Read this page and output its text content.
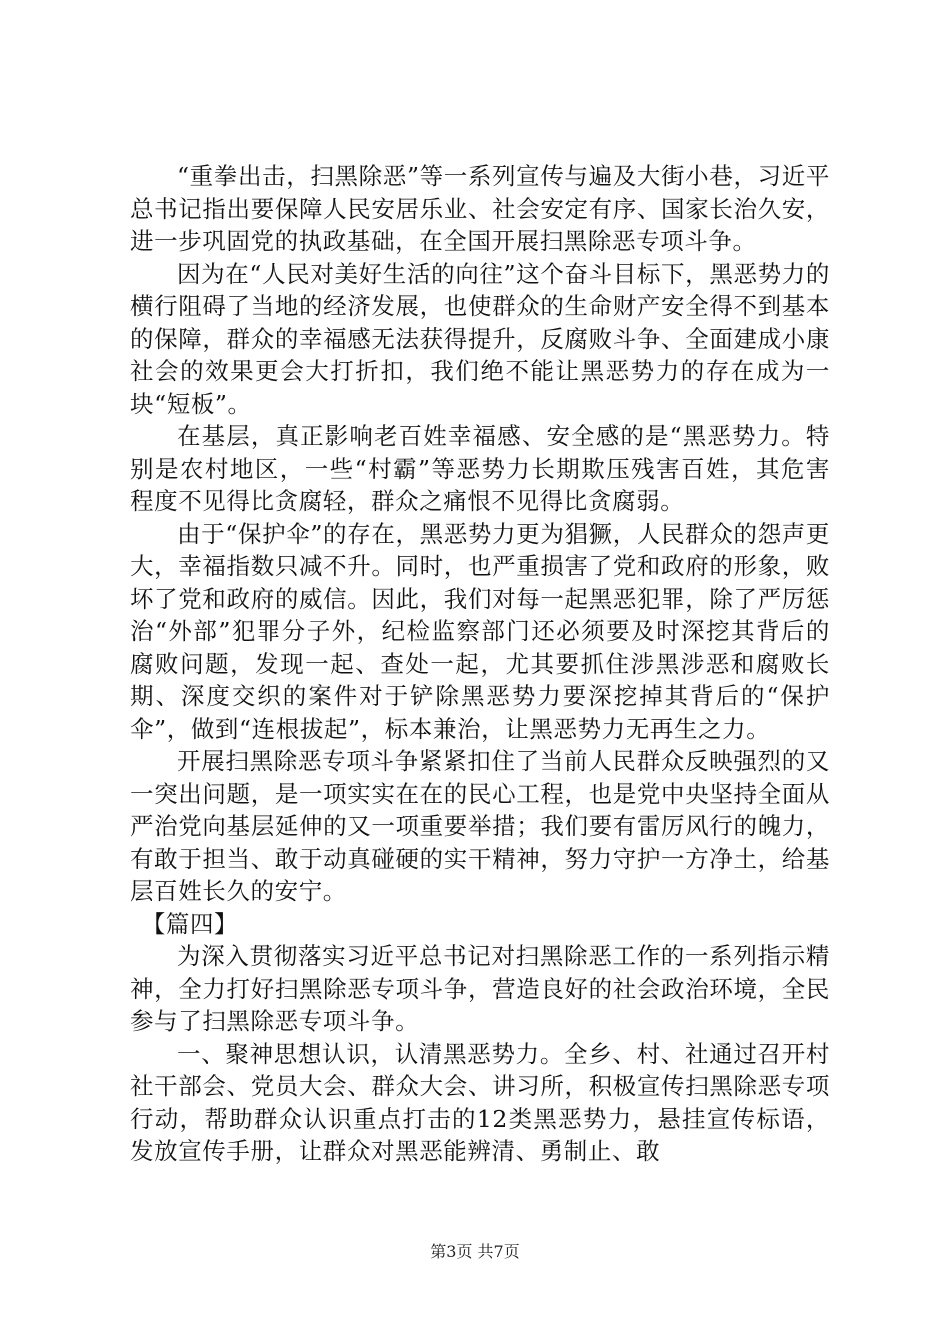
“重拳出击，扫黑除恶”等一系列宣传与遍及大街小巷，习近平总书记指出要保障人民安居乐业、社会安定有序、国家长治久安，进一步巩固党的执政基础，在全国开展扫黑除恶专项斗争。

因为在“人民对美好生活的向往”这个奋斗目标下，黑恶势力的横行阻碍了当地的经济发展，也使群众的生命财产安全得不到基本的保障，群众的幸福感无法获得提升，反腐败斗争、全面建成小康社会的效果更会大打折扣，我们绝不能让黑恶势力的存在成为一块“短板”。

在基层，真正影响老百姓幸福感、安全感的是“黑恶势力。特别是农村地区，一些“村霸”等恶势力长期欺压残害百姓，其危害程度不见得比贪腐轻，群众之痛恨不见得比贪腐弱。

由于“保护伞”的存在，黑恶势力更为猖獗，人民群众的怨声更大，幸福指数只减不升。同时，也严重损害了党和政府的形象，败坏了党和政府的威信。因此，我们对每一起黑恶犯罪，除了严厉惩治“外部”犯罪分子外，纪检监察部门还必须要及时深挖其背后的腐败问题，发现一起、查处一起，尤其要抓住涉黑涉恶和腐败长期、深度交织的案件对于铲除黑恶势力要深挖掉其背后的“保护伞”，做到“连根拔起”，标本兼治，让黑恶势力无再生之力。

开展扫黑除恶专项斗争紧紧扣住了当前人民群众反映强烈的又一突出问题，是一项实实在在的民心工程，也是党中央坚持全面从严治党向基层延伸的又一项重要举措；我们要有雷厉风行的魄力，有敢于担当、敢于动真碰硬的实干精神，努力守护一方净土，给基层百姓长久的安宁。

【篇四】

为深入贯彻落实习近平总书记对扫黑除恶工作的一系列指示精神，全力打好扫黑除恶专项斗争，营造良好的社会政治环境，全民参与了扫黑除恶专项斗争。

一、聚神思想认识，认清黑恶势力。全乡、村、社通过召开村社干部会、党员大会、群众大会、讲习所，积极宣传扫黑除恶专项行动，帮助群众认识重点打击的12类黑恶势力，悬挂宣传标语，发放宣传手册，让群众对黑恶能辨清、勇制止、敢

第3页 共7页
